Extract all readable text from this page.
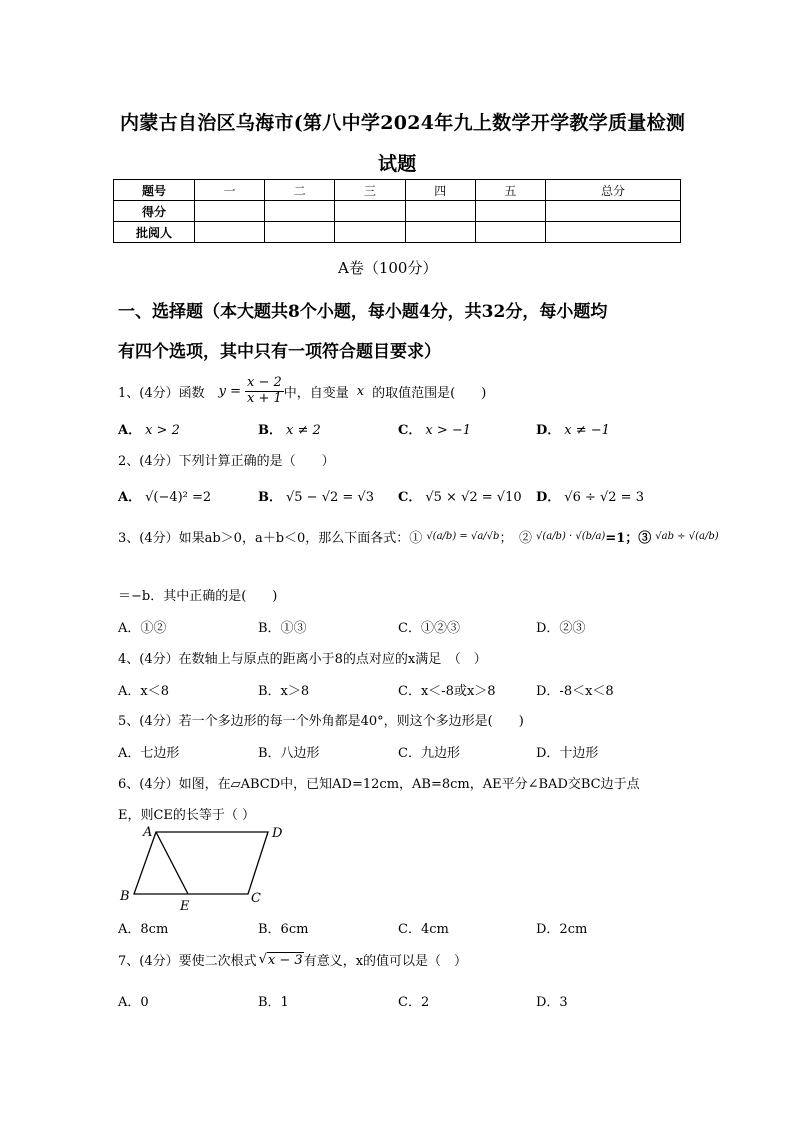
内蒙古自治区乌海市(第八中学2024年九上数学开学教学质量检测
试题
题号	一	二	三	四	五	总分
得分						
批阅人						
A卷（100分）
一、选择题（本大题共8个小题，每小题4分，共32分，每小题均
有四个选项，其中只有一项符合题目要求）
1、(4分）函数 $y = \frac{x - 2}{x + 1}$ 中，自变量 x 的取值范围是(　　)
A． x > 2	B． x ≠ 2	C． x > −1	D． x ≠ −1
2、(4分）下列计算正确的是（　　）
A． √(−4)² =2	B． √5 − √2 = √3 C． √5 × √2 = √10 D． √6 ÷ √2 = 3
3、(4分）如果ab＞0，a＋b＜0，那么下面各式：① √(a/b) = √a/√b ；　② √(a/b) · √(b/a) =1；③ √ab ÷ √(a/b)
＝−b．其中正确的是(　　)
A．①②	B．①③	C．①②③	D．②③
4、(4分）在数轴上与原点的距离小于8的点对应的x满足　（　）
A．x＜8	B．x＞8	C．x＜-8或x＞8	D．-8＜x＜8
5、(4分）若一个多边形的每一个外角都是40°，则这个多边形是(　　)
A．七边形	B．八边形	C．九边形	D．十边形
6、(4分）如图，在▱ABCD中，已知AD=12cm，AB=8cm，AE平分∠BAD交BC边于点
E，则CE的长等于（ ）
A	D
B
E
C
A．8cm	B．6cm	C．4cm	D．2cm
7、(4分）要使二次根式 √ x − 3 有意义，x的值可以是（　）
A．0	B．1	C．2	D．3
